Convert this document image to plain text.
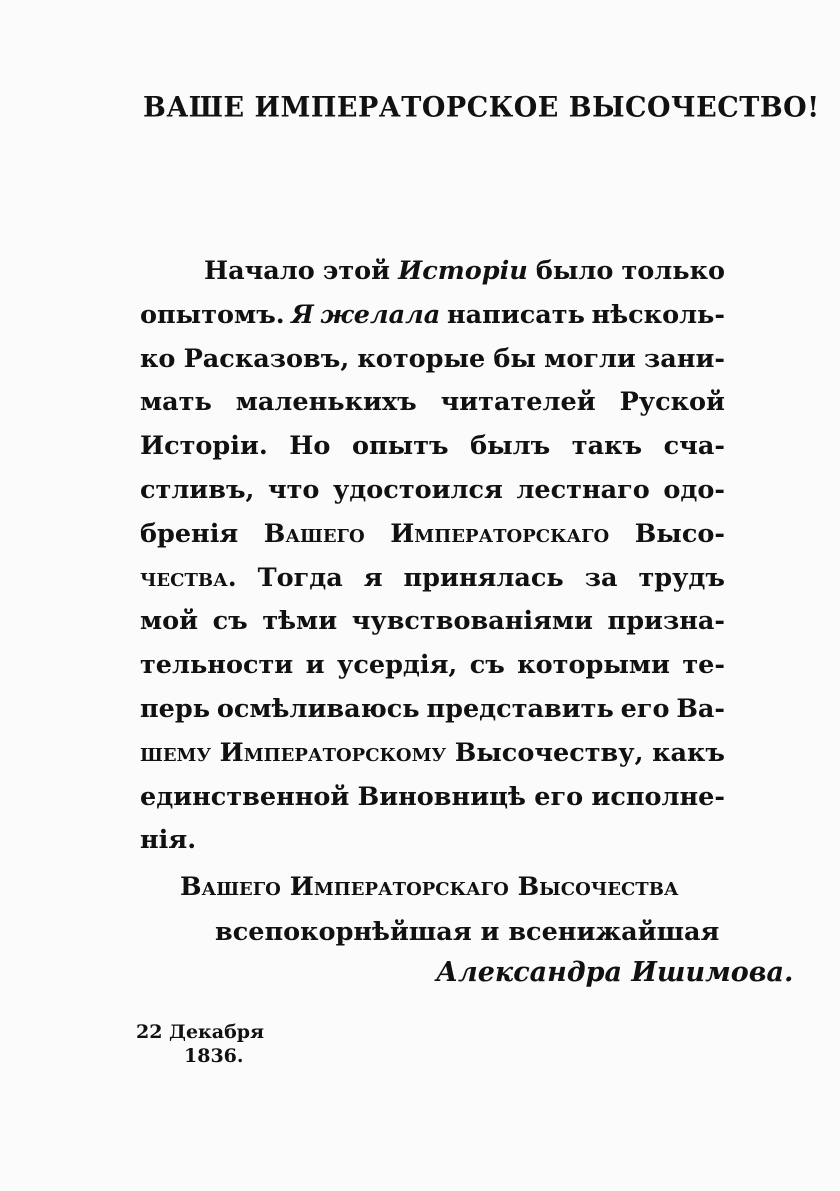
ВАШЕ ИМПЕРАТОРСКОЕ ВЫСОЧЕСТВО!
Начало этой Исторіи было только
опытомъ. Я желала написать нѣсколь-
ко Расказовъ, которые бы могли зани-
мать маленькихъ читателей Руской
Исторіи. Но опытъ былъ такъ сча-
стливъ, что удостоился лестнаго одо-
бренія Вашего Императорскаго Высо-
чества. Тогда я принялась за трудъ
мой съ тѣми чувствованіями призна-
тельности и усердія, съ которыми те-
перь осмѣливаюсь представить его Ва-
шему Императорскому Высочеству, какъ
единственной Виновницѣ его исполне-
нія.
Вашего Императорскаго Высочества
всепокорнѣйшая и всенижайшая
Александра Ишимова.
22 Декабря
1836.
